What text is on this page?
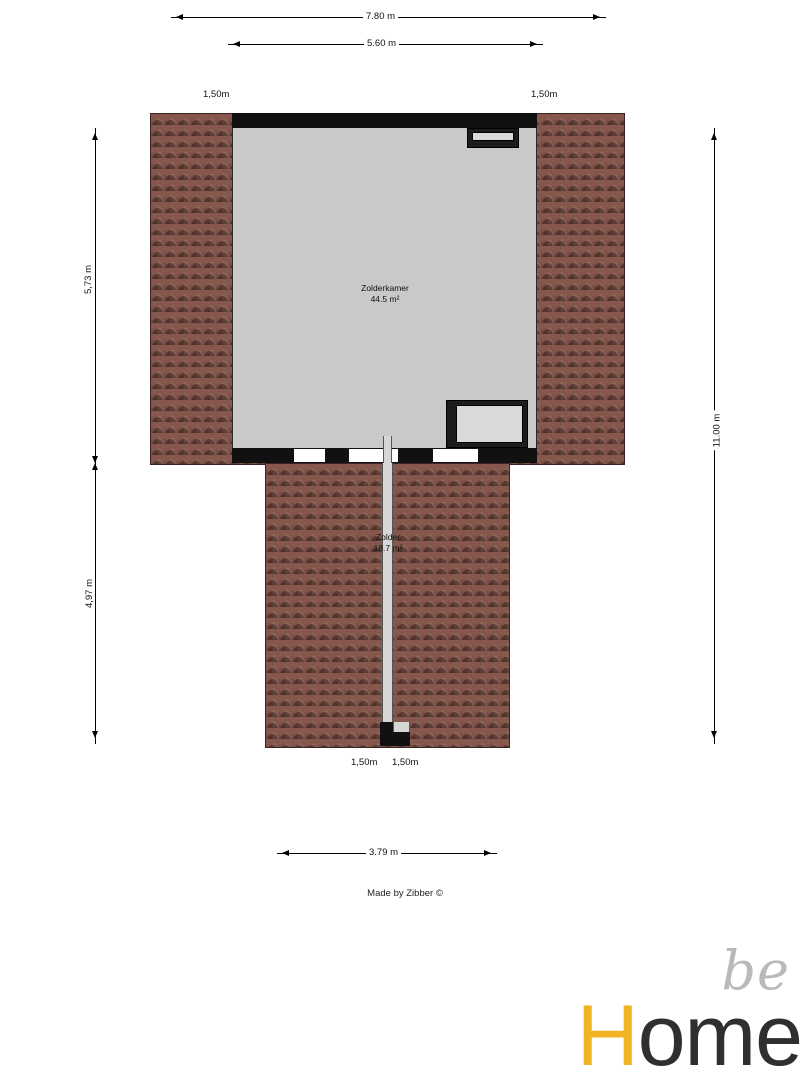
7.80 m
5.60 m
1,50m	1,50m
5,73 m
4,97 m
11.00 m
Zolderkamer
44.5 m²
Zolder
18.7 m²
1,50m	1,50m
3.79 m
Made by Zibber ©
be
Home
